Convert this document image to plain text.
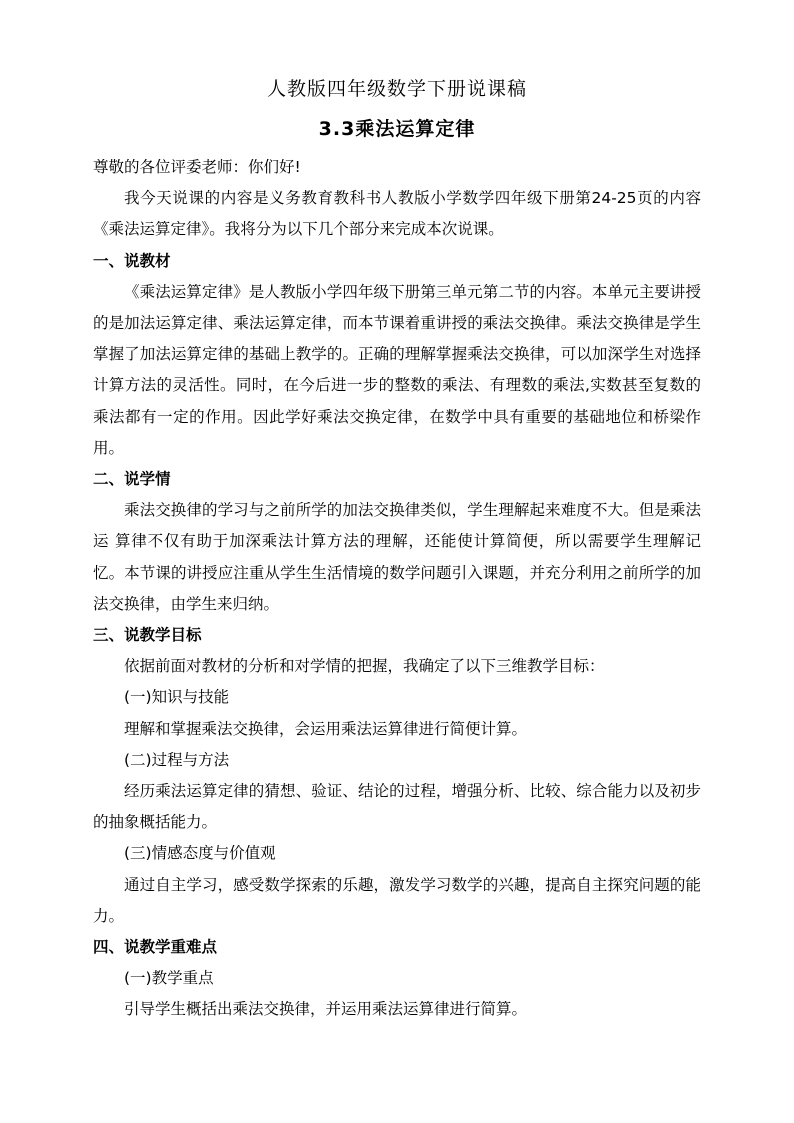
人教版四年级数学下册说课稿
3.3乘法运算定律

尊敬的各位评委老师：你们好!

我今天说课的内容是义务教育教科书人教版小学数学四年级下册第24-25页的内容《乘法运算定律》。我将分为以下几个部分来完成本次说课。

一、说教材

《乘法运算定律》是人教版小学四年级下册第三单元第二节的内容。本单元主要讲授的是加法运算定律、乘法运算定律，而本节课着重讲授的乘法交换律。乘法交换律是学生掌握了加法运算定律的基础上教学的。正确的理解掌握乘法交换律，可以加深学生对选择计算方法的灵活性。同时，在今后进一步的整数的乘法、有理数的乘法,实数甚至复数的乘法都有一定的作用。因此学好乘法交换定律，在数学中具有重要的基础地位和桥梁作用。

二、说学情

乘法交换律的学习与之前所学的加法交换律类似，学生理解起来难度不大。但是乘法运 算律不仅有助于加深乘法计算方法的理解，还能使计算简便，所以需要学生理解记忆。本节课的讲授应注重从学生生活情境的数学问题引入课题，并充分利用之前所学的加法交换律，由学生来归纳。

三、说教学目标

依据前面对教材的分析和对学情的把握，我确定了以下三维教学目标：

(一)知识与技能

理解和掌握乘法交换律，会运用乘法运算律进行简便计算。

(二)过程与方法

经历乘法运算定律的猜想、验证、结论的过程，增强分析、比较、综合能力以及初步的抽象概括能力。

(三)情感态度与价值观

通过自主学习，感受数学探索的乐趣，激发学习数学的兴趣，提高自主探究问题的能力。

四、说教学重难点

(一)教学重点

引导学生概括出乘法交换律，并运用乘法运算律进行简算。
